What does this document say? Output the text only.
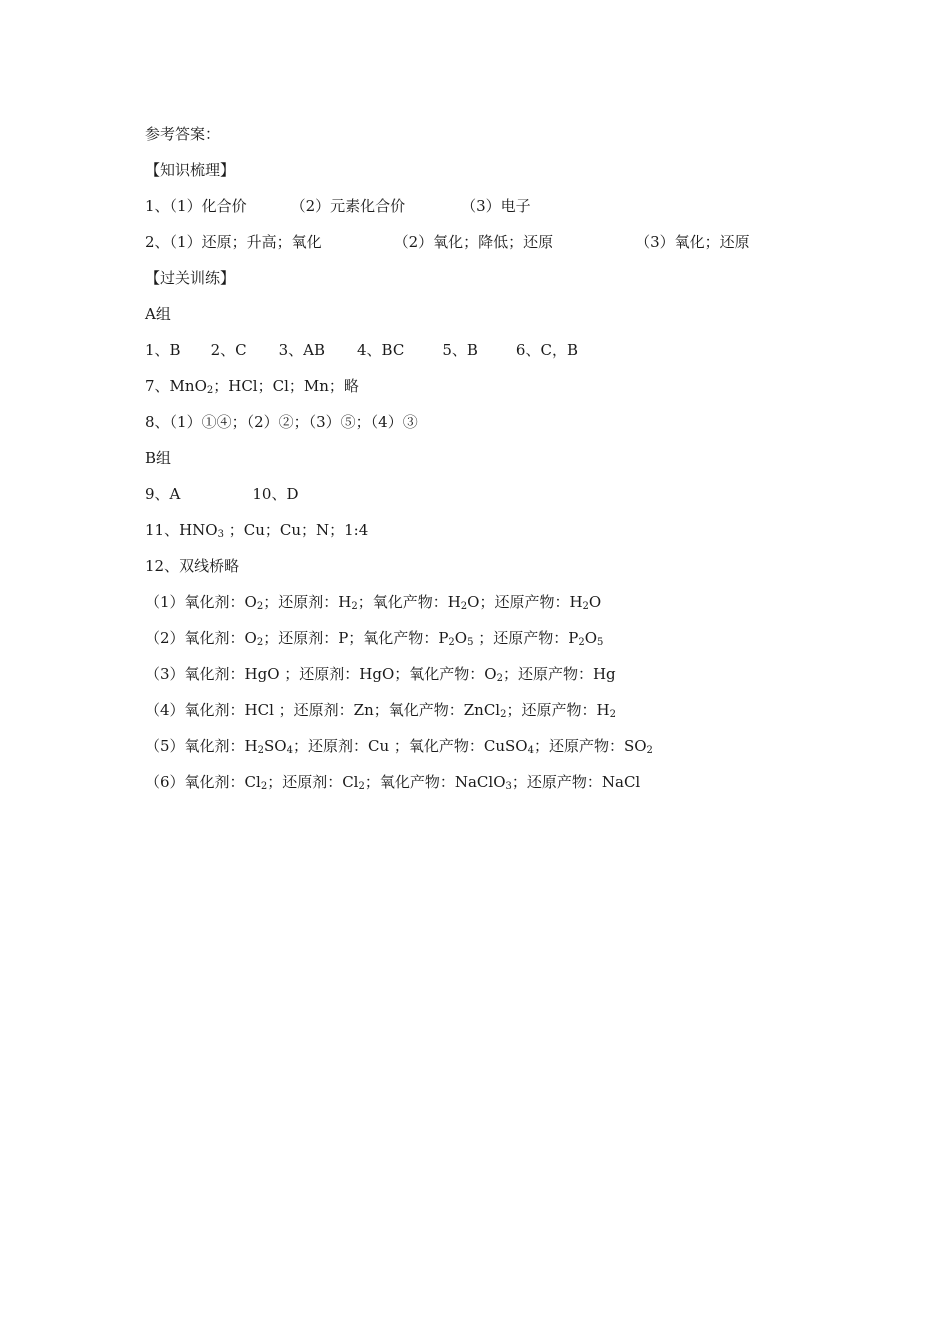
参考答案：
【知识梳理】
1、（1）化合价	（2）元素化合价	（3）电子
2、（1）还原；升高；氧化	（2）氧化；降低；还原	（3）氧化；还原
【过关训练】
A组
1、B 2、C 3、AB 4、BC	5、B	6、C，B
7、MnO$_2$；HCl；Cl；Mn；略
8、（1）①④；（2）②；（3）⑤；（4）③
B组
9、A	10、D
11、$HNO_3$ ；Cu；Cu；N；1:4
12、双线桥略
（1）氧化剂：$O_2$；还原剂：$H_2$；氧化产物：$H_2O$；还原产物：$H_2O$
（2）氧化剂：$O_2$；还原剂：P；氧化产物：$P_2O_5$ ；还原产物：$P_2O_5$
（3）氧化剂：HgO ；还原剂：HgO；氧化产物：$O_2$；还原产物：Hg
（4）氧化剂：HCl ；还原剂：Zn；氧化产物：ZnCl$_2$；还原产物：$H_2$
（5）氧化剂：$H_2SO_4$；还原剂：Cu ；氧化产物：CuSO$_4$；还原产物：$SO_2$
（6）氧化剂：$Cl_2$；还原剂：$Cl_2$；氧化产物：NaClO$_3$；还原产物：NaCl
